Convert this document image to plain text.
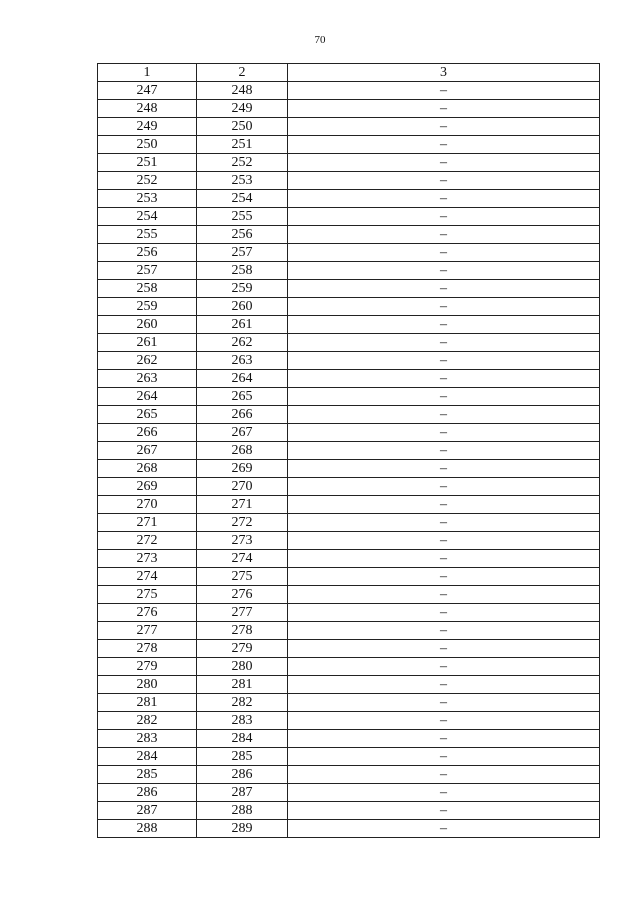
70
1	2	3
247	248	–
248	249	–
249	250	–
250	251	–
251	252	–
252	253	–
253	254	–
254	255	–
255	256	–
256	257	–
257	258	–
258	259	–
259	260	–
260	261	–
261	262	–
262	263	–
263	264	–
264	265	–
265	266	–
266	267	–
267	268	–
268	269	–
269	270	–
270	271	–
271	272	–
272	273	–
273	274	–
274	275	–
275	276	–
276	277	–
277	278	–
278	279	–
279	280	–
280	281	–
281	282	–
282	283	–
283	284	–
284	285	–
285	286	–
286	287	–
287	288	–
288	289	–
